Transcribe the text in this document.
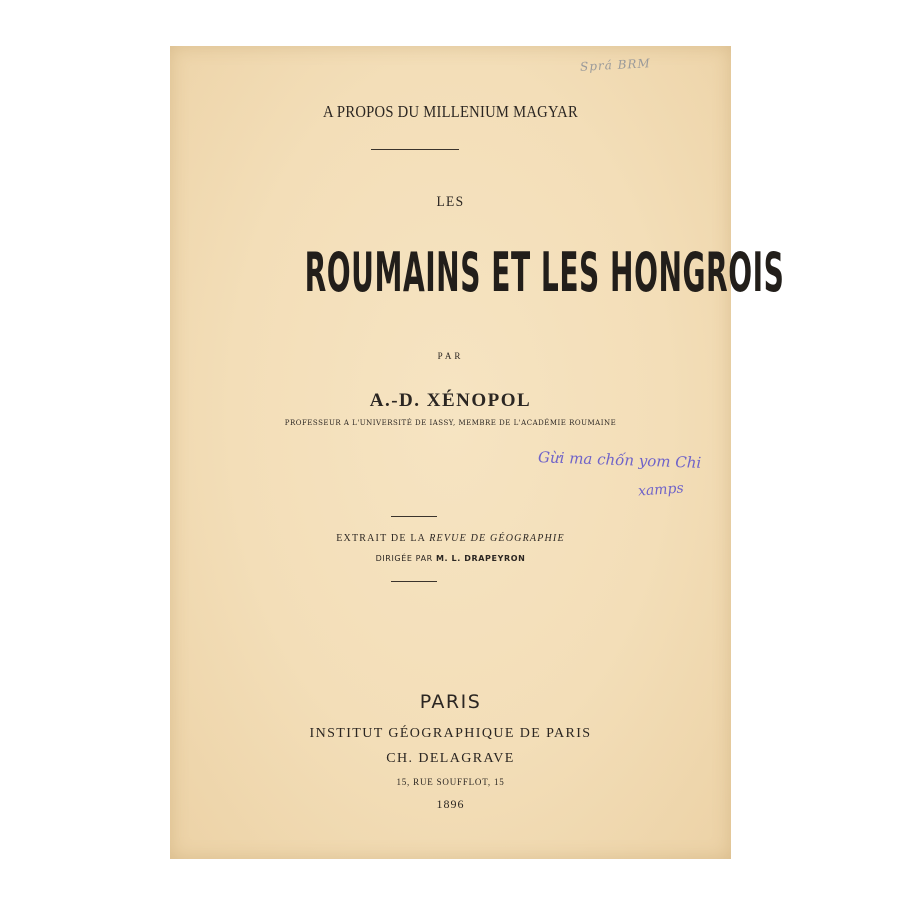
Sprá BRM
A PROPOS DU MILLENIUM MAGYAR
LES
ROUMAINS ET LES HONGROIS
PAR
A.-D. XÉNOPOL
PROFESSEUR A L'UNIVERSITÉ DE IASSY, MEMBRE DE L'ACADÉMIE ROUMAINE
Gừi ma chốn yom Chi
xamps
EXTRAIT DE LA REVUE DE GÉOGRAPHIE
DIRIGÉE PAR M. L. DRAPEYRON
PARIS
INSTITUT GÉOGRAPHIQUE DE PARIS
CH. DELAGRAVE
15, RUE SOUFFLOT, 15
1896
